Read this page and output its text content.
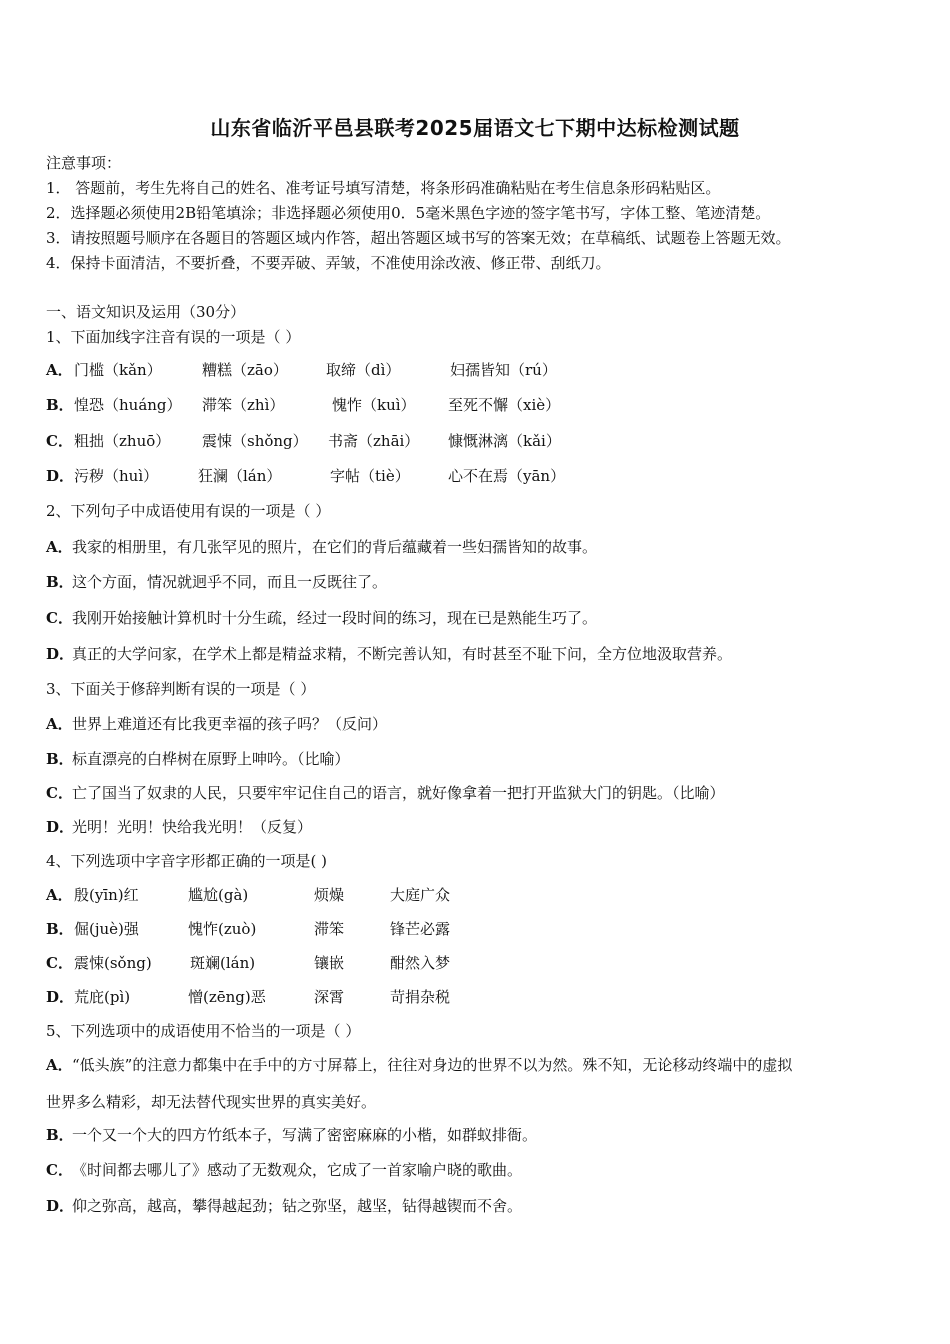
山东省临沂平邑县联考2025届语文七下期中达标检测试题
注意事项：
1． 答题前，考生先将自己的姓名、准考证号填写清楚，将条形码准确粘贴在考生信息条形码粘贴区。
2．选择题必须使用2B铅笔填涂；非选择题必须使用0．5毫米黑色字迹的签字笔书写，字体工整、笔迹清楚。
3．请按照题号顺序在各题目的答题区域内作答，超出答题区域书写的答案无效；在草稿纸、试题卷上答题无效。
4．保持卡面清洁，不要折叠，不要弄破、弄皱，不准使用涂改液、修正带、刮纸刀。
一、语文知识及运用（30分）
1、下面加线字注音有误的一项是（ ）
A． 门槛（kǎn）	糟糕（zāo）	取缔（dì）	妇孺皆知（rú）
B． 惶恐（huáng） 滞笨（zhì）	愧怍（kuì） 至死不懈（xiè）
C． 粗拙（zhuō） 震悚（shǒng） 书斋（zhāi） 慷慨淋漓（kǎi）
D． 污秽（huì）	狂澜（lán）	字帖（tiè）	心不在焉（yān）
2、下列句子中成语使用有误的一项是（ ）
A．我家的相册里，有几张罕见的照片，在它们的背后蕴藏着一些妇孺皆知的故事。
B．这个方面，情况就迥乎不同，而且一反既往了。
C．我刚开始接触计算机时十分生疏，经过一段时间的练习，现在已是熟能生巧了。
D．真正的大学问家，在学术上都是精益求精，不断完善认知，有时甚至不耻下问，全方位地汲取营养。
3、下面关于修辞判断有误的一项是（ ）
A．世界上难道还有比我更幸福的孩子吗？（反问）
B．标直漂亮的白桦树在原野上呻吟。（比喻）
C．亡了国当了奴隶的人民，只要牢牢记住自己的语言，就好像拿着一把打开监狱大门的钥匙。（比喻）
D．光明！光明！快给我光明！（反复）
4、下列选项中字音字形都正确的一项是( )
A． 殷(yīn)红	尴尬(gà)	烦燥	大庭广众
B． 倔(juè)强	愧怍(zuò)	滞笨	锋芒必露
C． 震悚(sǒng)	斑斓(lán)	镶嵌	酣然入梦
D． 荒庇(pì)	憎(zēng)恶	深霄	苛捐杂税
5、下列选项中的成语使用不恰当的一项是（ ）
A．“低头族”的注意力都集中在手中的方寸屏幕上，往往对身边的世界不以为然。殊不知，无论移动终端中的虚拟
世界多么精彩，却无法替代现实世界的真实美好。
B．一个又一个大的四方竹纸本子，写满了密密麻麻的小楷，如群蚁排衙。
C．《时间都去哪儿了》感动了无数观众，它成了一首家喻户晓的歌曲。
D．仰之弥高，越高，攀得越起劲；钻之弥坚，越坚，钻得越锲而不舍。
